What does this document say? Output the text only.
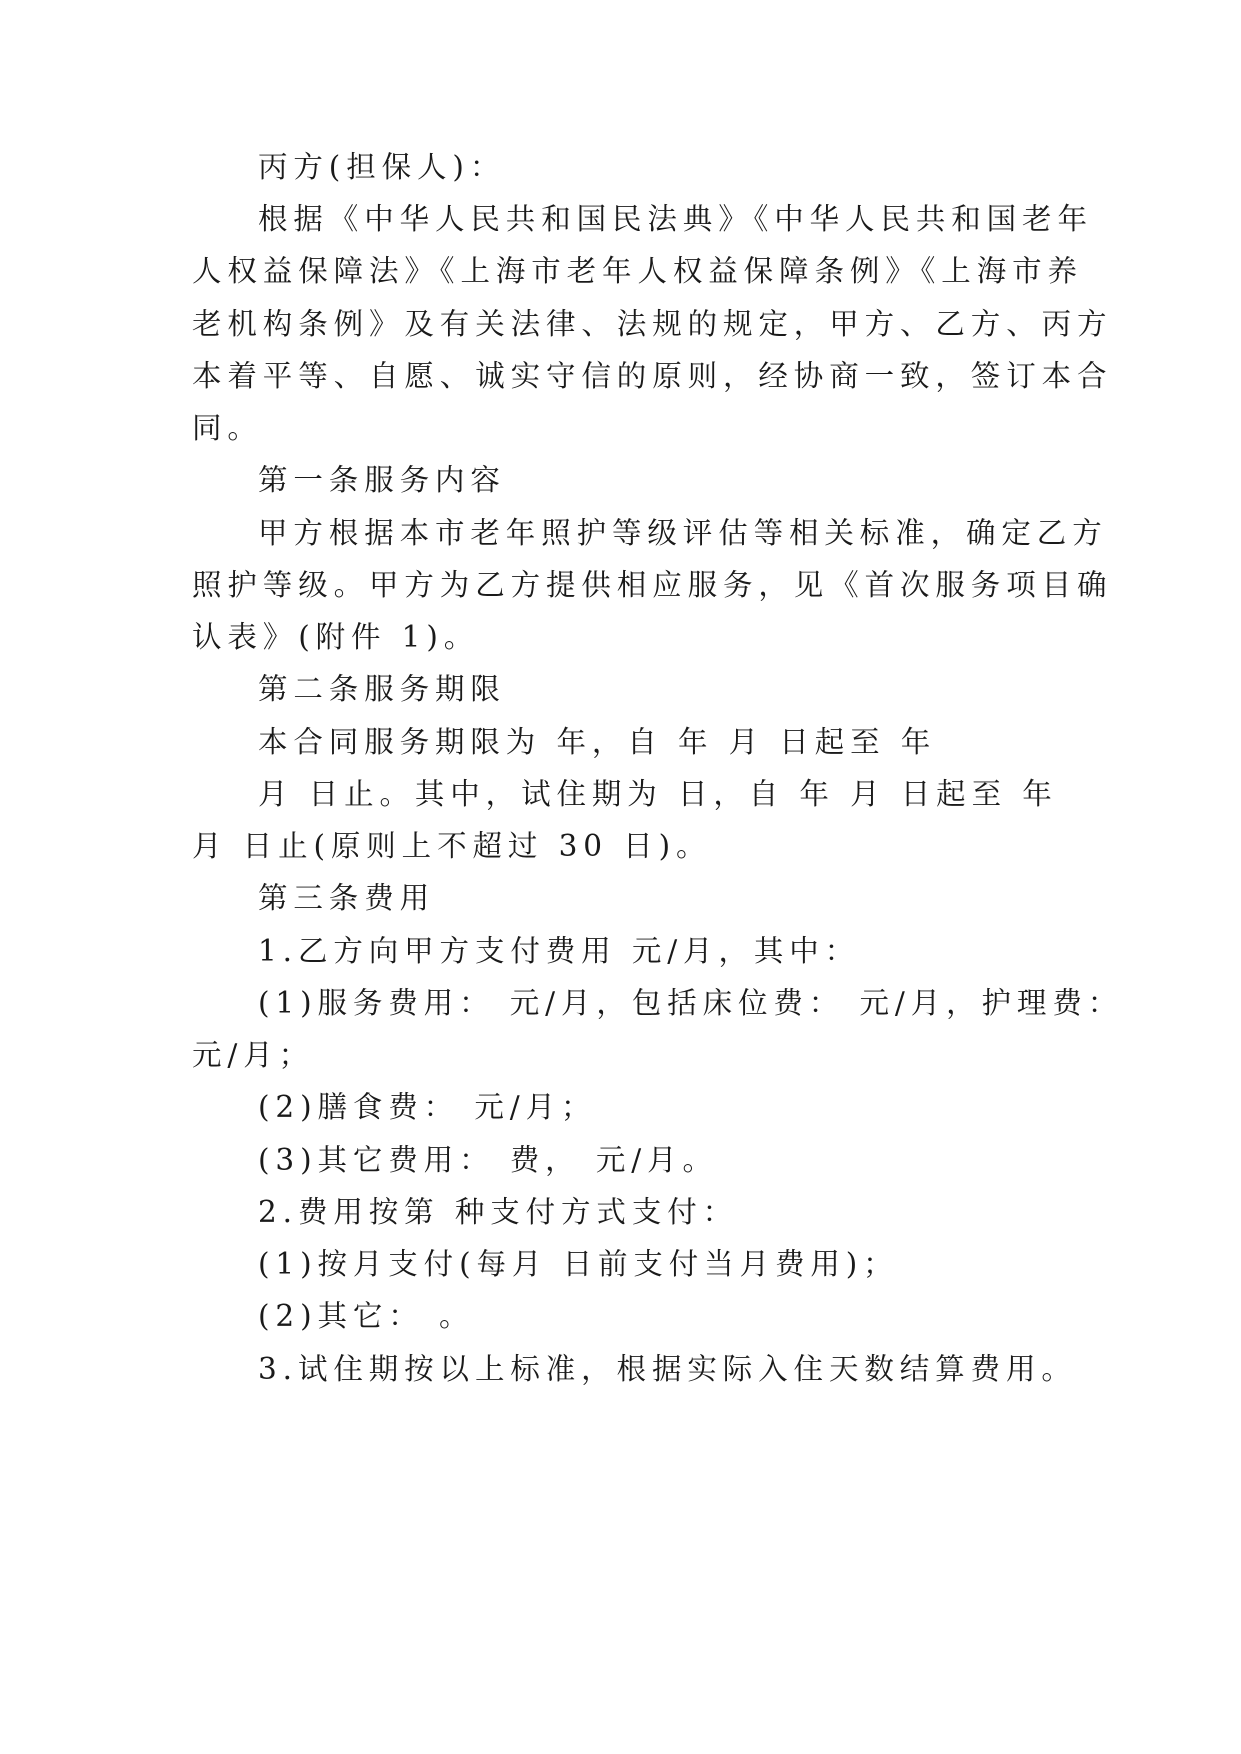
丙方(担保人)：

根据《中华人民共和国民法典》《中华人民共和国老年

人权益保障法》《上海市老年人权益保障条例》《上海市养

老机构条例》及有关法律、法规的规定，甲方、乙方、丙方

本着平等、自愿、诚实守信的原则，经协商一致，签订本合

同。

第一条服务内容

甲方根据本市老年照护等级评估等相关标准，确定乙方

照护等级。甲方为乙方提供相应服务，见《首次服务项目确

认表》(附件 1)。

第二条服务期限

本合同服务期限为 年，自 年 月 日起至 年

月 日止。其中，试住期为 日，自 年 月 日起至 年

月 日止(原则上不超过 30 日)。

第三条费用

1.乙方向甲方支付费用 元/月，其中：

(1)服务费用： 元/月，包括床位费： 元/月，护理费：

元/月；

(2)膳食费： 元/月；

(3)其它费用： 费， 元/月。

2.费用按第 种支付方式支付：

(1)按月支付(每月 日前支付当月费用)；

(2)其它： 。

3.试住期按以上标准，根据实际入住天数结算费用。
